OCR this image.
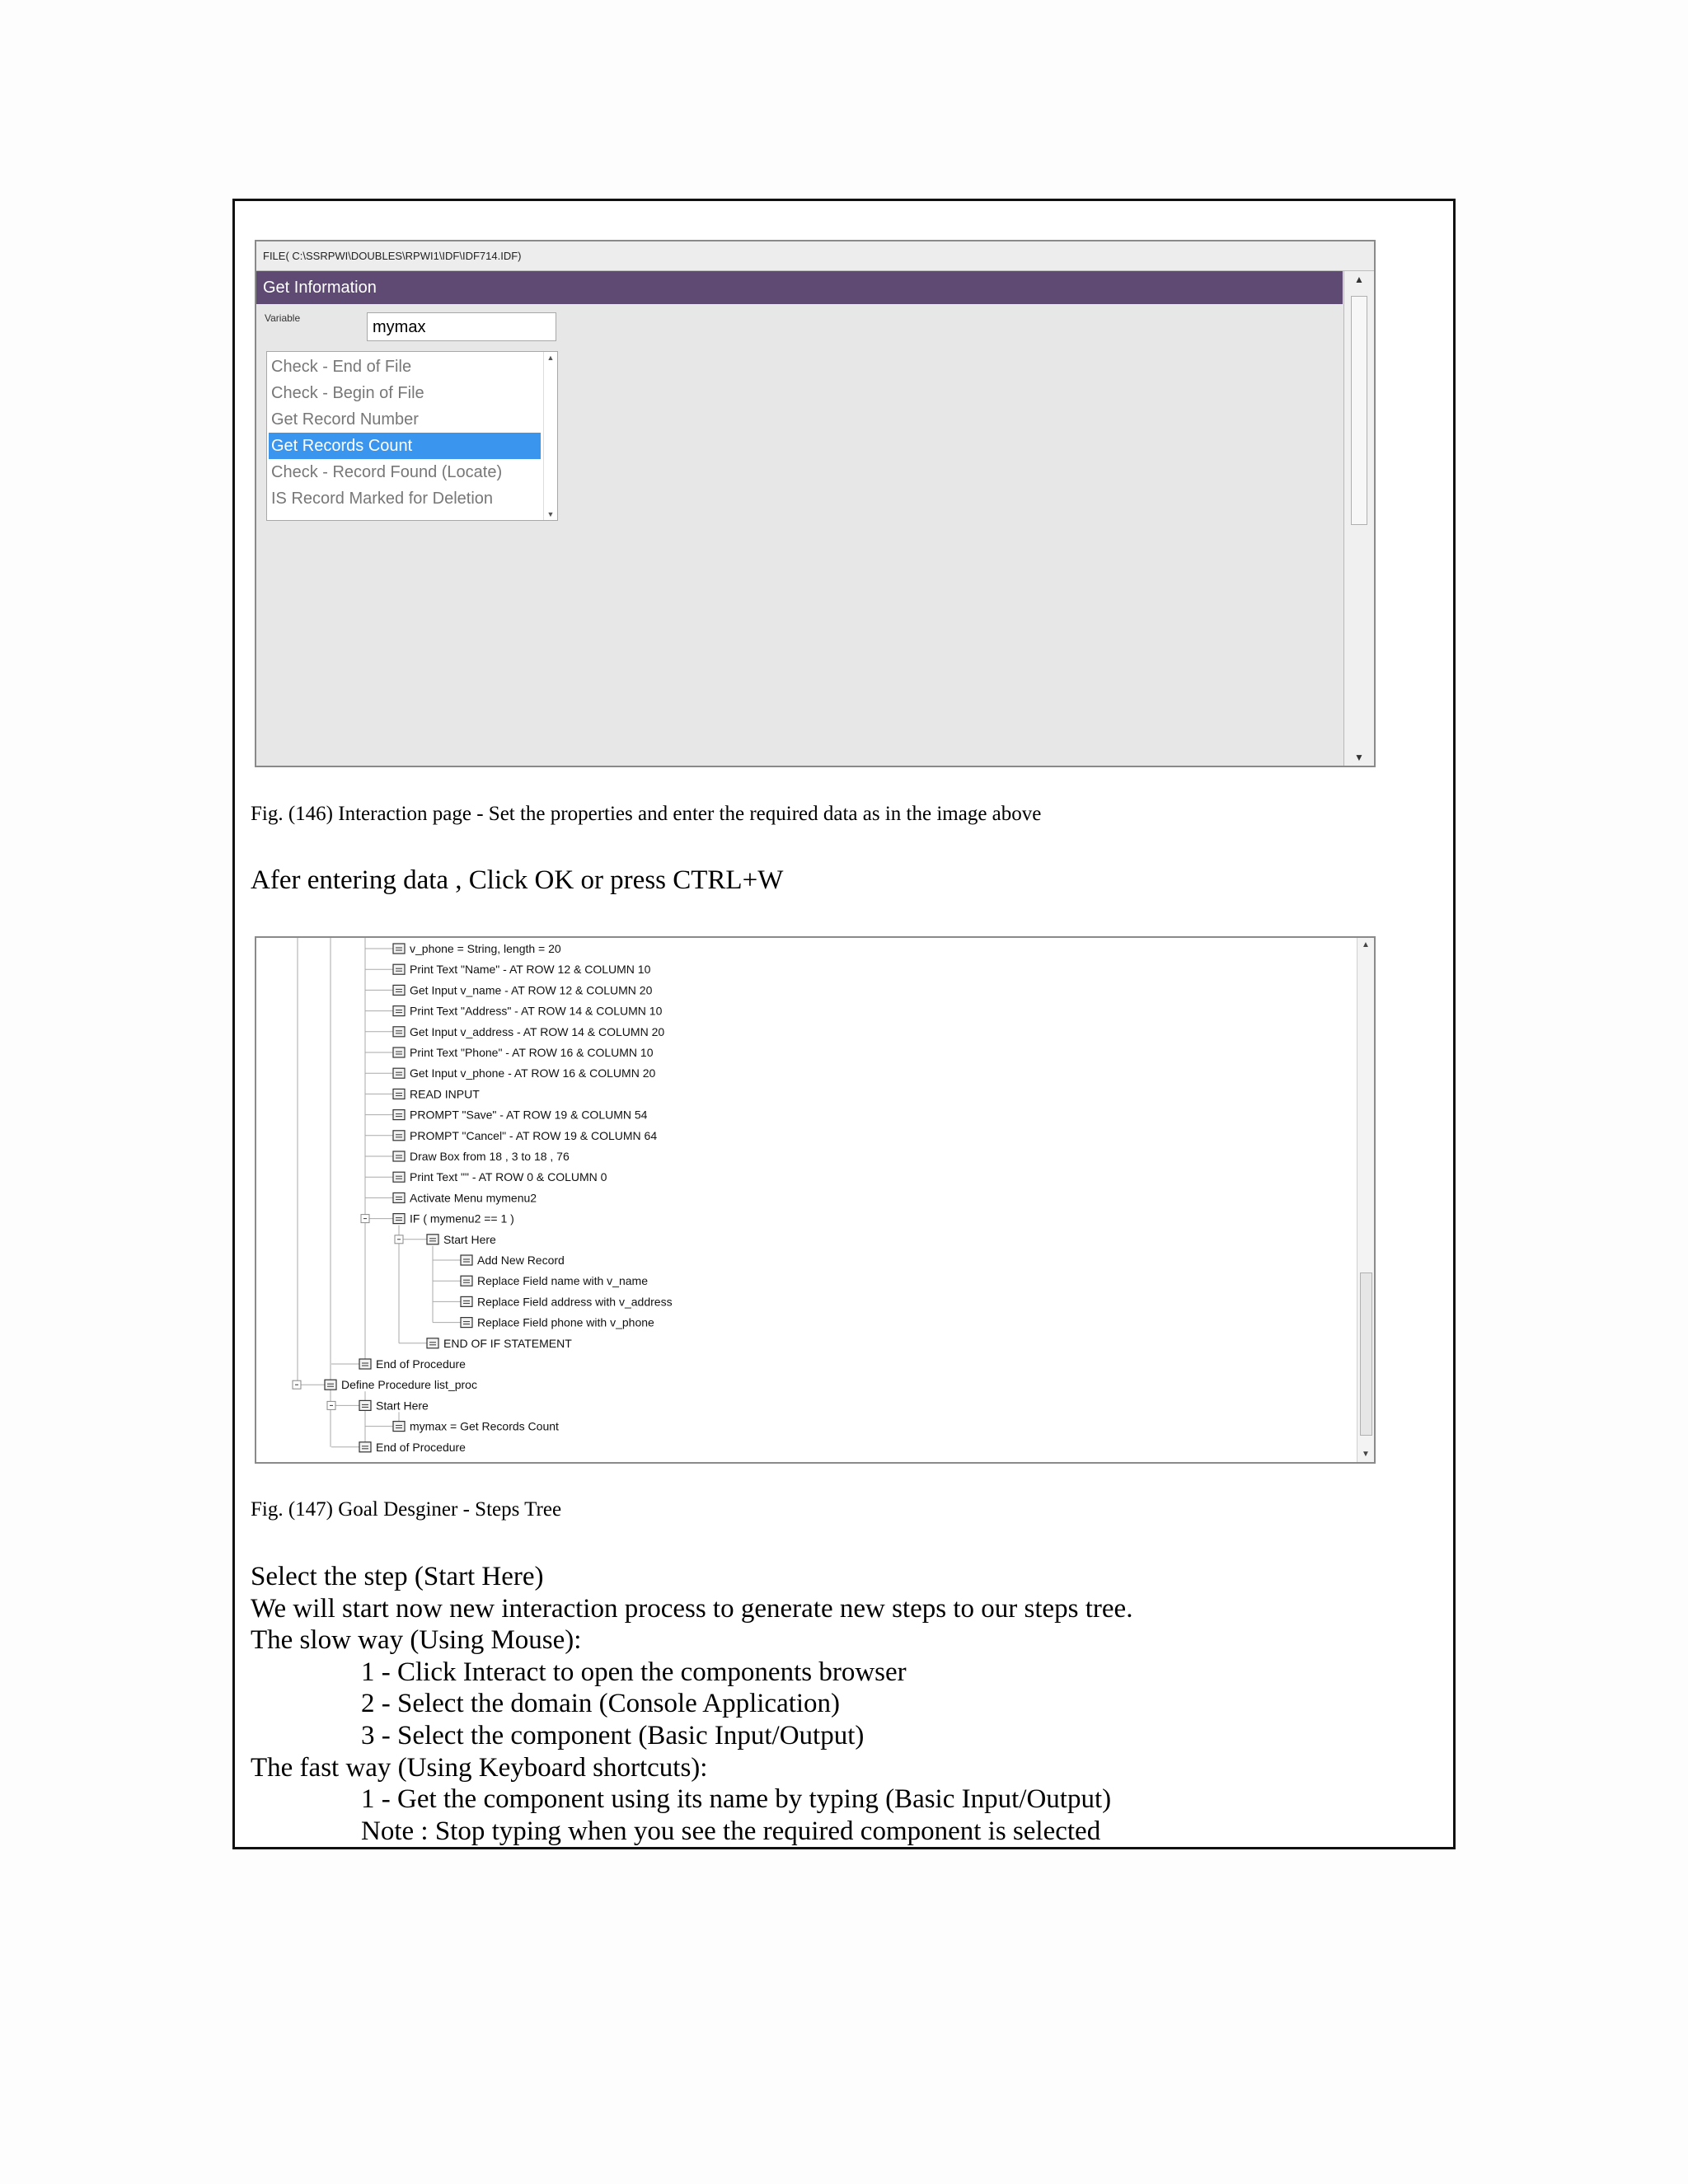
FILE( C:\SSRPWI\DOUBLES\RPWI1\IDF\IDF714.IDF)
Get Information
Variable	mymax
▲
▼
Check - End of File
Check - Begin of File
Get Record Number
Get Records Count
Check - Record Found (Locate)
IS Record Marked for Deletion
▲
▼
Fig. (146) Interaction page - Set the properties and enter the required data as in the image above
Afer entering data , Click OK or press CTRL+W
v_phone = String, length = 20
Print Text "Name" - AT ROW 12 & COLUMN 10
Get Input v_name - AT ROW 12 & COLUMN 20
Print Text "Address" - AT ROW 14 & COLUMN 10
Get Input v_address - AT ROW 14 & COLUMN 20
Print Text "Phone" - AT ROW 16 & COLUMN 10
Get Input v_phone - AT ROW 16 & COLUMN 20
READ INPUT
PROMPT "Save" - AT ROW 19 & COLUMN 54
PROMPT "Cancel" - AT ROW 19 & COLUMN 64
Draw Box from 18 , 3 to 18 , 76
Print Text "" - AT ROW 0 & COLUMN 0
Activate Menu mymenu2
IF ( mymenu2 == 1 )
Start Here
Add New Record
Replace Field name with v_name
Replace Field address with v_address
Replace Field phone with v_phone
END OF IF STATEMENT
End of Procedure
Define Procedure list_proc
Start Here
mymax = Get Records Count
End of Procedure
▲
▼
Fig. (147) Goal Desginer - Steps Tree
Select the step (Start Here)
We will start now new interaction process to generate new steps to our steps tree.
The slow way (Using Mouse):
1 - Click Interact to open the components browser
2 - Select the domain (Console Application)
3 - Select the component (Basic Input/Output)
The fast way (Using Keyboard shortcuts):
1 - Get the component using its name by typing (Basic Input/Output)
Note : Stop typing when you see the required component is selected
